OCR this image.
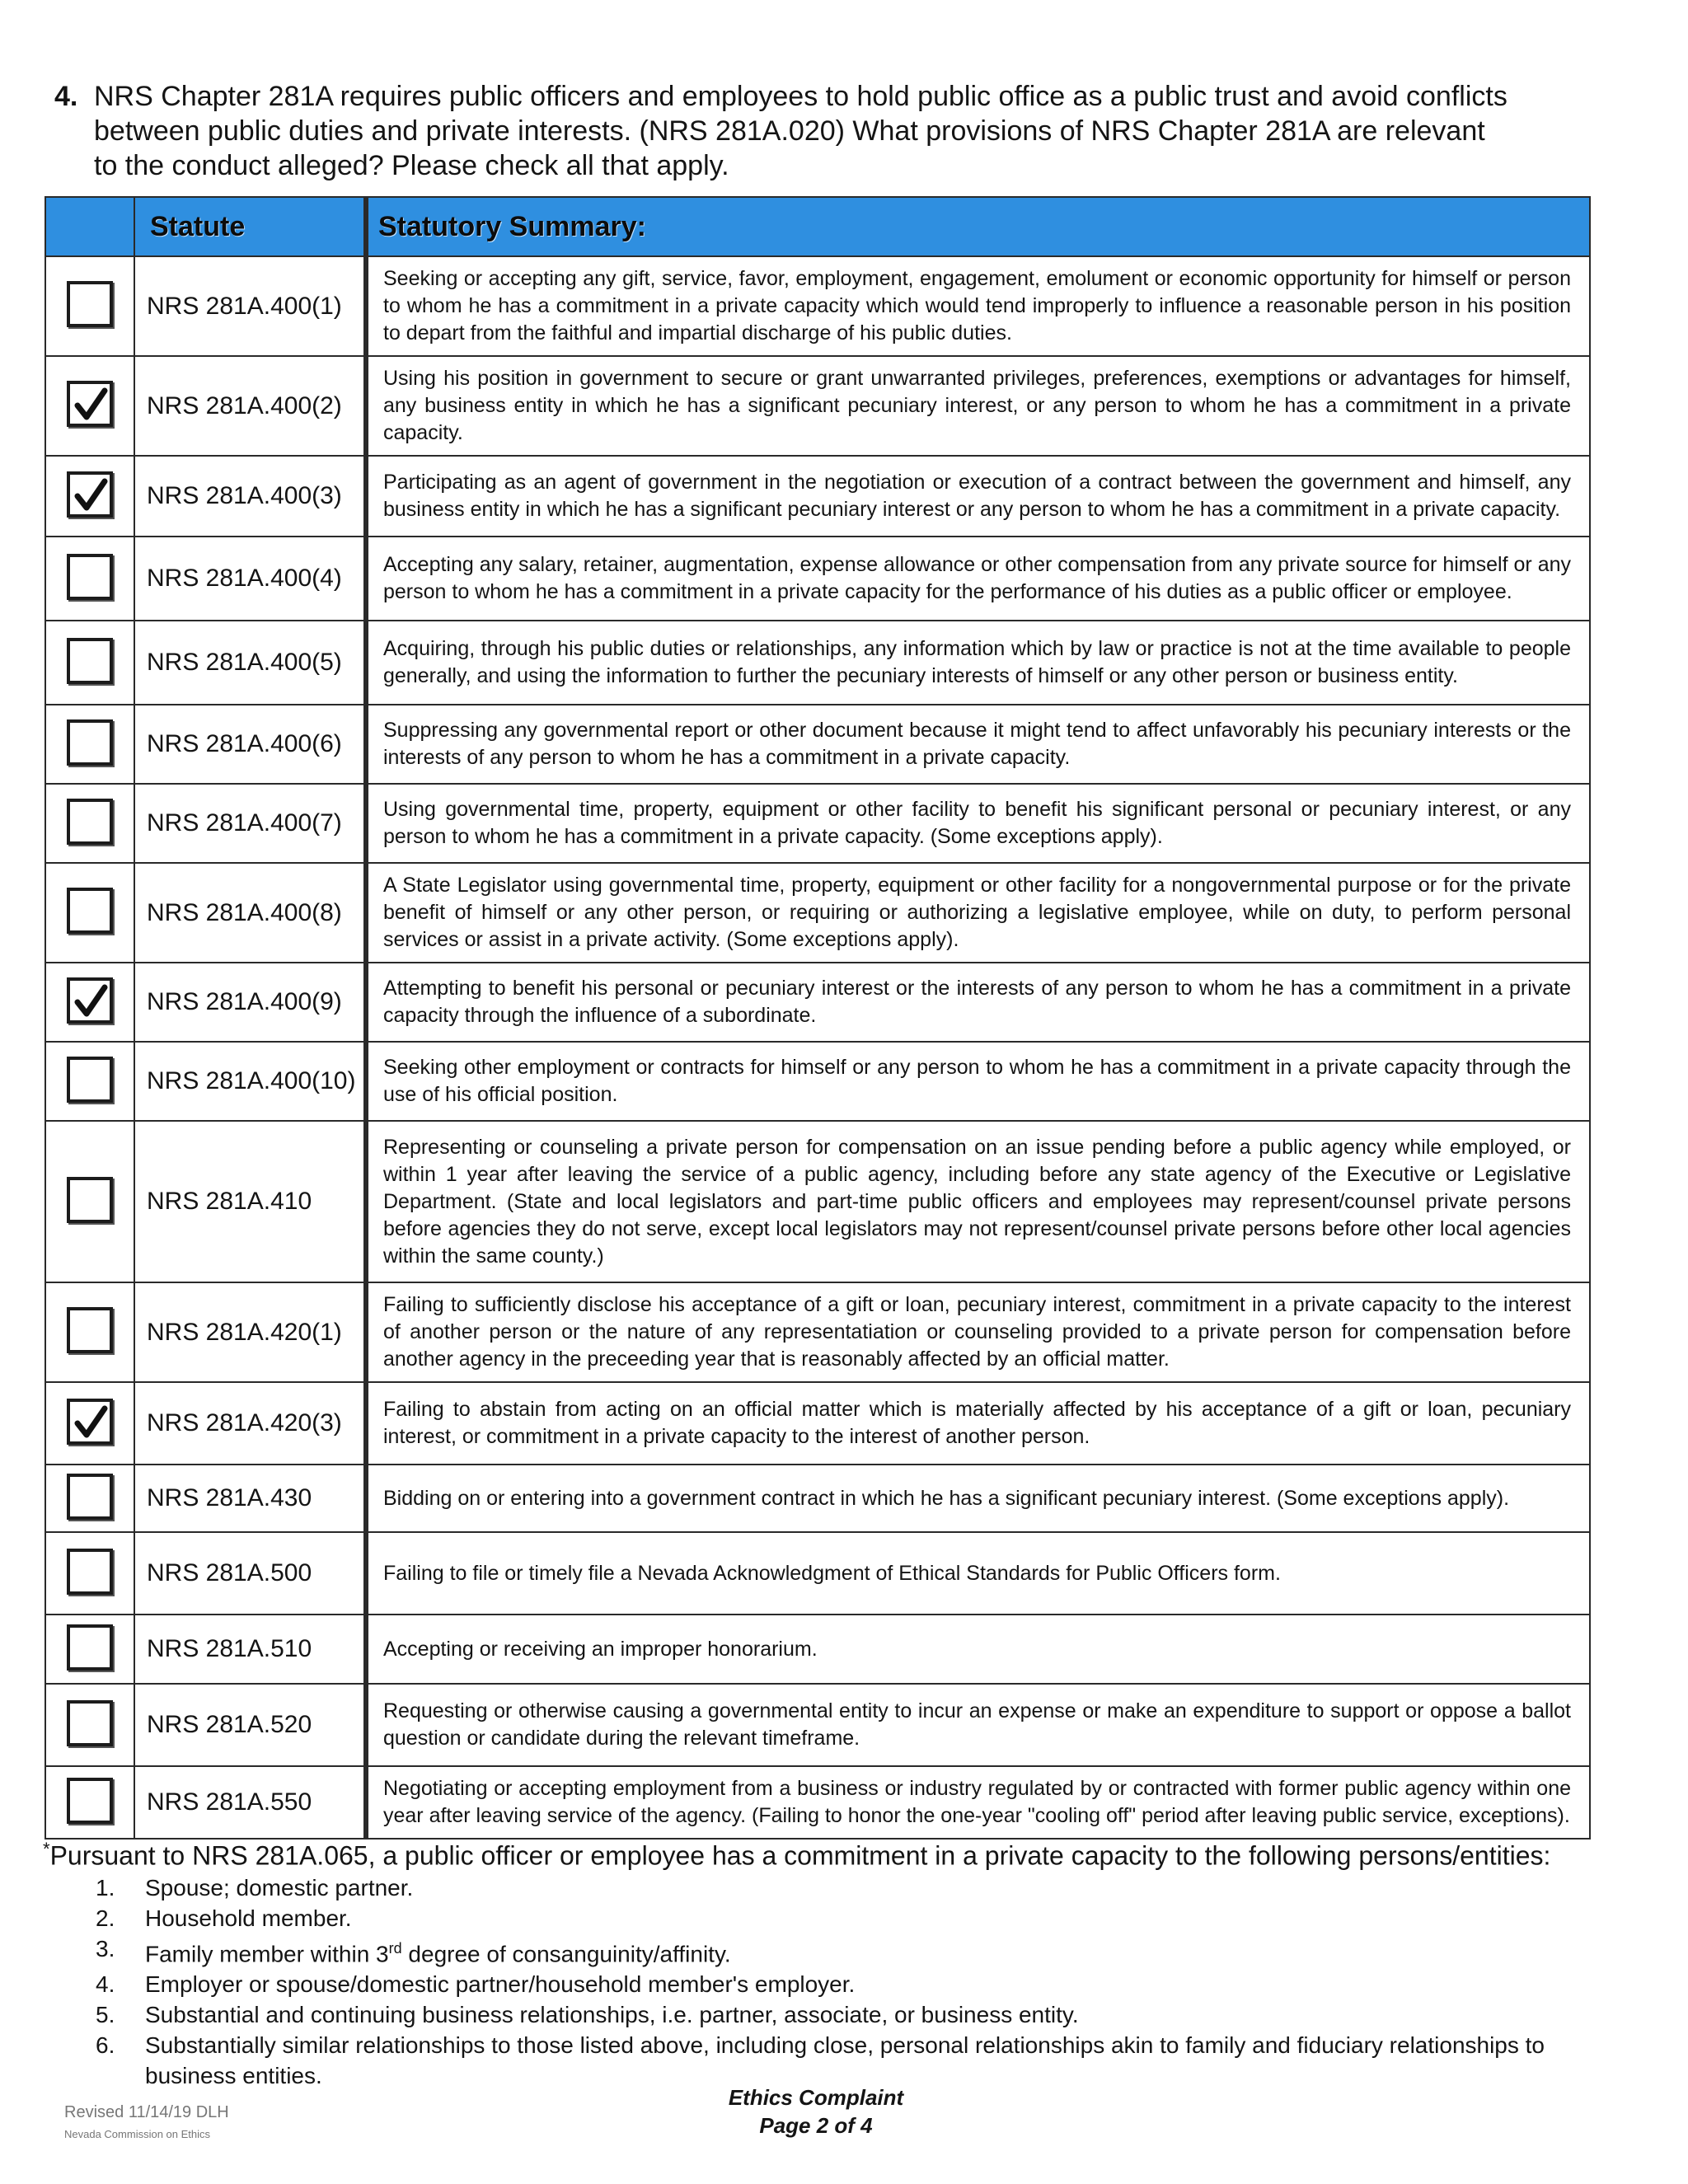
4. NRS Chapter 281A requires public officers and employees to hold public office as a public trust and avoid conflicts
between public duties and private interests. (NRS 281A.020) What provisions of NRS Chapter 281A are relevant
to the conduct alleged? Please check all that apply.
	Statute	Statutory Summary:
	NRS 281A.400(1)	Seeking or accepting any gift, service, favor, employment, engagement, emolument or economic opportunity for himself or person to whom he has a commitment in a private capacity which would tend improperly to influence a reasonable person in his position to depart from the faithful and impartial discharge of his public duties.

	NRS 281A.400(2)	Using his position in government to secure or grant unwarranted privileges, preferences, exemptions or advantages for himself, any business entity in which he has a significant pecuniary interest, or any person to whom he has a commitment in a private capacity.

	NRS 281A.400(3)	Participating as an agent of government in the negotiation or execution of a contract between the government and himself, any business entity in which he has a significant pecuniary interest or any person to whom he has a commitment in a private capacity.
	NRS 281A.400(4)	Accepting any salary, retainer, augmentation, expense allowance or other compensation from any private source for himself or any person to whom he has a commitment in a private capacity for the performance of his duties as a public officer or employee.
	NRS 281A.400(5)	Acquiring, through his public duties or relationships, any information which by law or practice is not at the time available to people generally, and using the information to further the pecuniary interests of himself or any other person or business entity.
	NRS 281A.400(6)	Suppressing any governmental report or other document because it might tend to affect unfavorably his pecuniary interests or the interests of any person to whom he has a commitment in a private capacity.
	NRS 281A.400(7)	Using governmental time, property, equipment or other facility to benefit his significant personal or pecuniary interest, or any person to whom he has a commitment in a private capacity. (Some exceptions apply).
	NRS 281A.400(8)	A State Legislator using governmental time, property, equipment or other facility for a nongovernmental purpose or for the private benefit of himself or any other person, or requiring or authorizing a legislative employee, while on duty, to perform personal services or assist in a private activity. (Some exceptions apply).

	NRS 281A.400(9)	Attempting to benefit his personal or pecuniary interest or the interests of any person to whom he has a commitment in a private capacity through the influence of a subordinate.
	NRS 281A.400(10)	Seeking other employment or contracts for himself or any person to whom he has a commitment in a private capacity through the use of his official position.
	NRS 281A.410	Representing or counseling a private person for compensation on an issue pending before a public agency while employed, or within 1 year after leaving the service of a public agency, including before any state agency of the Executive or Legislative Department. (State and local legislators and part-time public officers and employees may represent/counsel private persons before agencies they do not serve, except local legislators may not represent/counsel private persons before other local agencies within the same county.)
	NRS 281A.420(1)	Failing to sufficiently disclose his acceptance of a gift or loan, pecuniary interest, commitment in a private capacity to the interest of another person or the nature of any representatiation or counseling provided to a private person for compensation before another agency in the preceeding year that is reasonably affected by an official matter.

	NRS 281A.420(3)	Failing to abstain from acting on an official matter which is materially affected by his acceptance of a gift or loan, pecuniary interest, or commitment in a private capacity to the interest of another person.
	NRS 281A.430	Bidding on or entering into a government contract in which he has a significant pecuniary interest. (Some exceptions apply).
	NRS 281A.500	Failing to file or timely file a Nevada Acknowledgment of Ethical Standards for Public Officers form.
	NRS 281A.510	Accepting or receiving an improper honorarium.
	NRS 281A.520	Requesting or otherwise causing a governmental entity to incur an expense or make an expenditure to support or oppose a ballot question or candidate during the relevant timeframe.
	NRS 281A.550	Negotiating or accepting employment from a business or industry regulated by or contracted with former public agency within one year after leaving service of the agency. (Failing to honor the one-year "cooling off" period after leaving public service, exceptions).
*Pursuant to NRS 281A.065, a public officer or employee has a commitment in a private capacity to the following persons/entities:
1. Spouse; domestic partner.
2. Household member.
3. Family member within 3rd degree of consanguinity/affinity.
4. Employer or spouse/domestic partner/household member's employer.
5. Substantial and continuing business relationships, i.e. partner, associate, or business entity.
6. Substantially similar relationships to those listed above, including close, personal relationships akin to family and fiduciary relationships to business entities.
Revised 11/14/19 DLH
Nevada Commission on Ethics
Ethics Complaint
Page 2 of 4
